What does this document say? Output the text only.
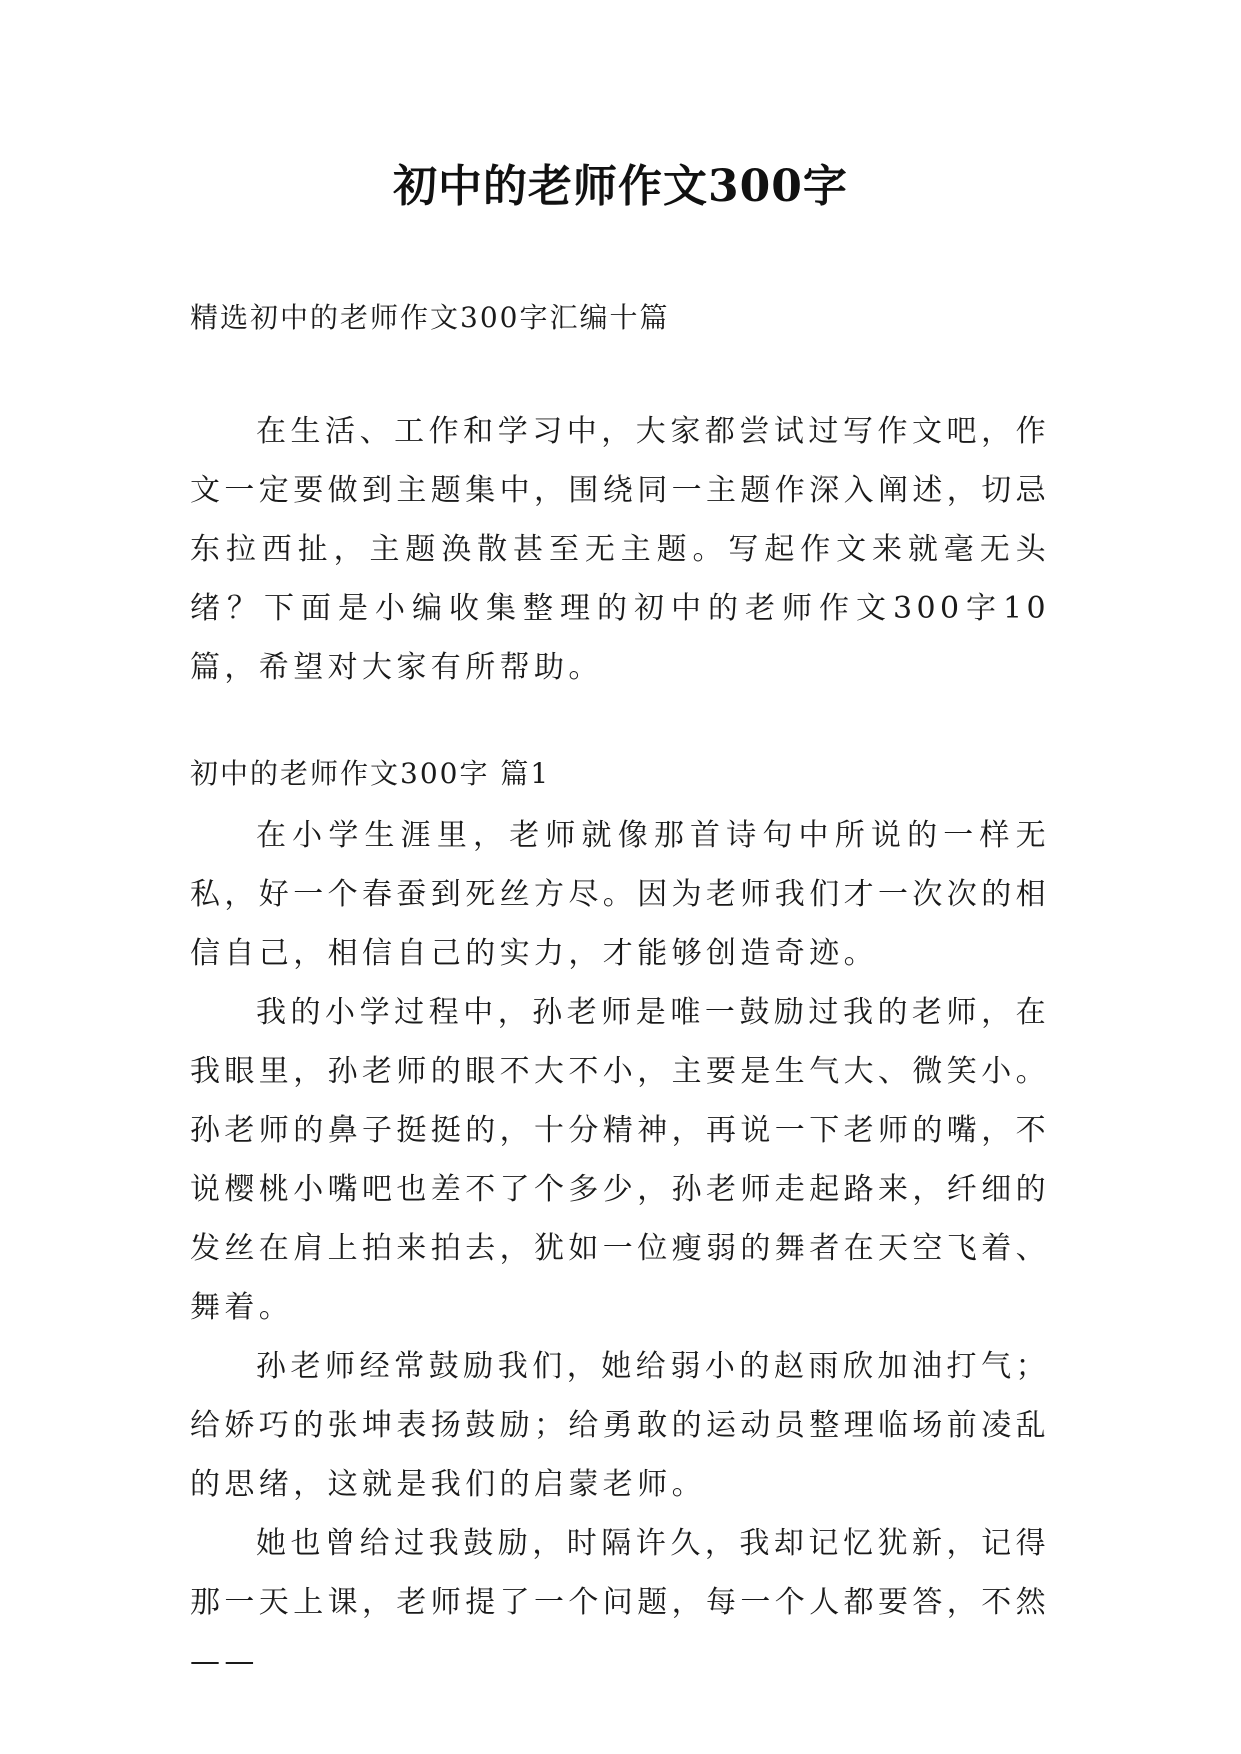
初中的老师作文300字
精选初中的老师作文300字汇编十篇

在生活、工作和学习中，大家都尝试过写作文吧，作文一定要做到主题集中，围绕同一主题作深入阐述，切忌东拉西扯，主题涣散甚至无主题。写起作文来就毫无头绪？下面是小编收集整理的初中的老师作文300字10篇，希望对大家有所帮助。

初中的老师作文300字 篇1

在小学生涯里，老师就像那首诗句中所说的一样无私，好一个春蚕到死丝方尽。因为老师我们才一次次的相信自己，相信自己的实力，才能够创造奇迹。

我的小学过程中，孙老师是唯一鼓励过我的老师，在我眼里，孙老师的眼不大不小，主要是生气大、微笑小。孙老师的鼻子挺挺的，十分精神，再说一下老师的嘴，不说樱桃小嘴吧也差不了个多少，孙老师走起路来，纤细的发丝在肩上拍来拍去，犹如一位瘦弱的舞者在天空飞着、舞着。

孙老师经常鼓励我们，她给弱小的赵雨欣加油打气；给娇巧的张坤表扬鼓励；给勇敢的运动员整理临场前凌乱的思绪，这就是我们的启蒙老师。

她也曾给过我鼓励，时隔许久，我却记忆犹新，记得那一天上课，老师提了一个问题，每一个人都要答，不然——
